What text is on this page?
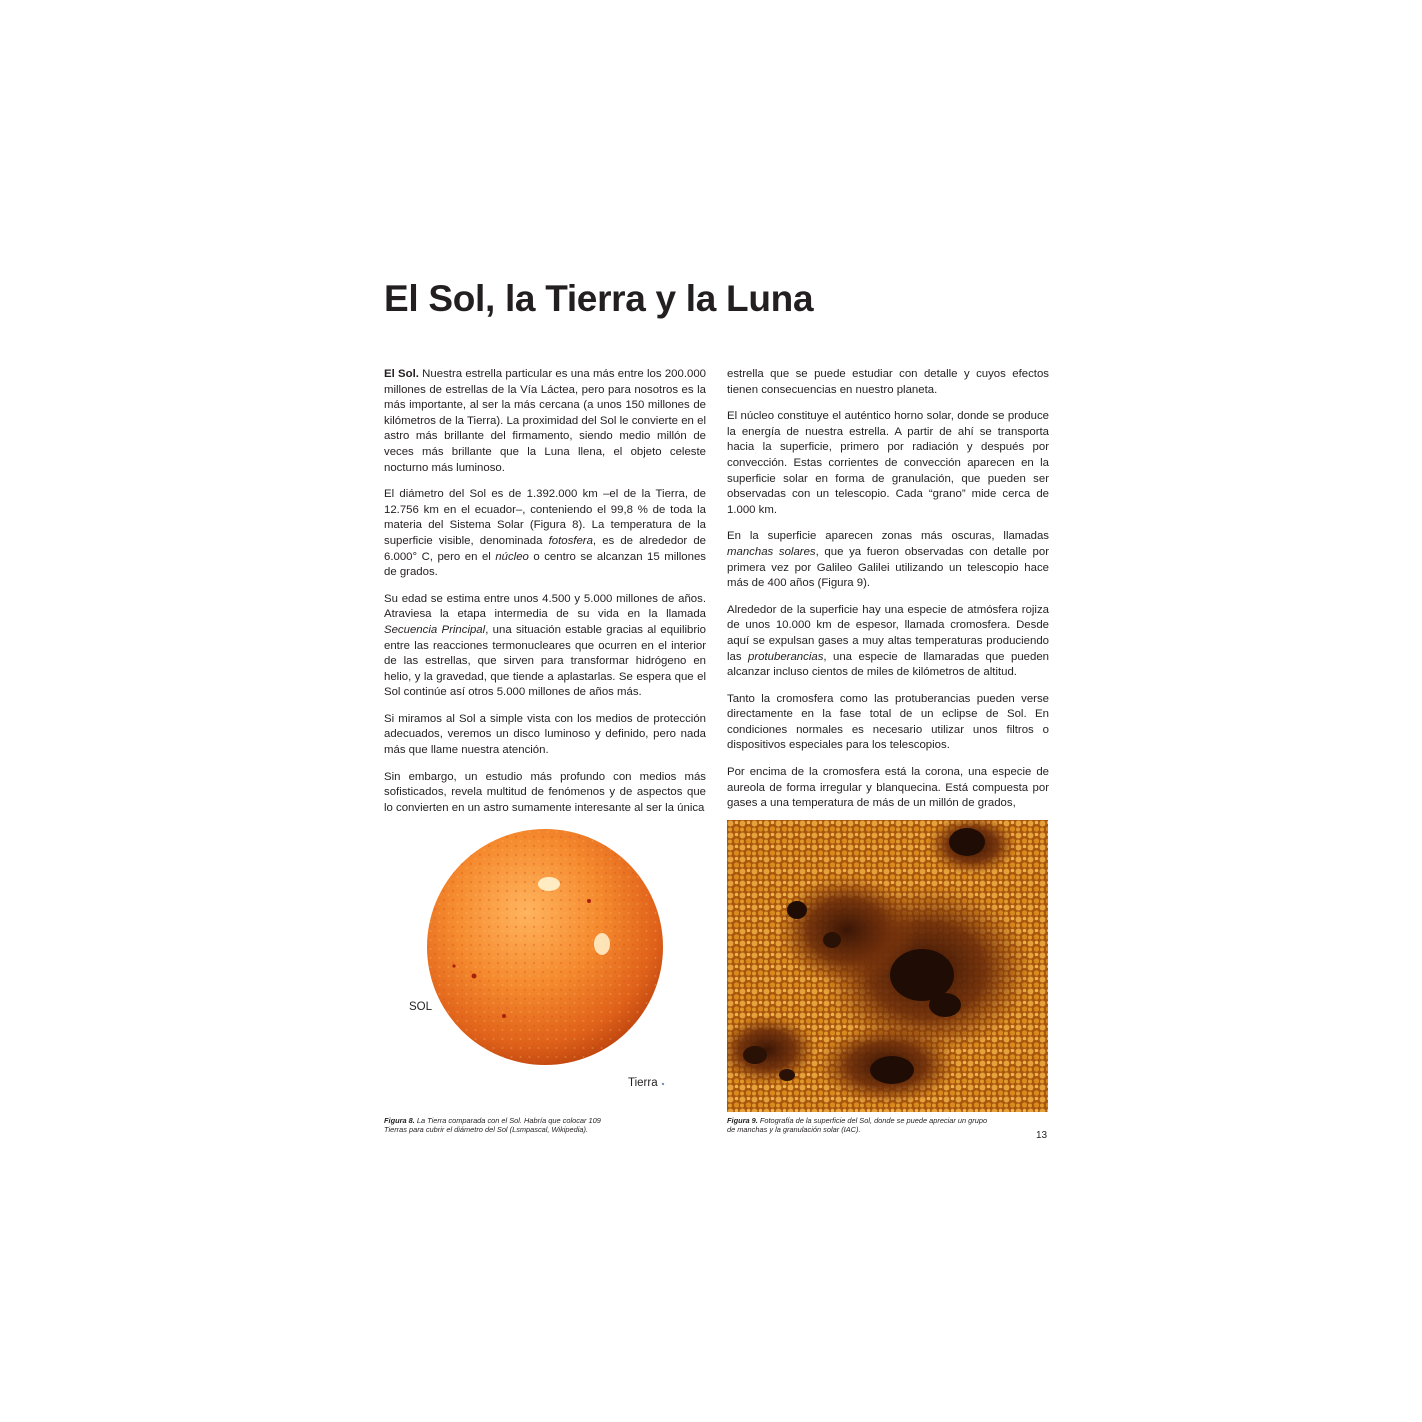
El Sol, la Tierra y la Luna

El Sol. Nuestra estrella particular es una más entre los 200.000 millones de estrellas de la Vía Láctea, pero para nosotros es la más importante, al ser la más cercana (a unos 150 millones de kilómetros de la Tierra). La proximidad del Sol le convierte en el astro más brillante del firmamento, siendo medio millón de veces más brillante que la Luna llena, el objeto celeste nocturno más luminoso.

El diámetro del Sol es de 1.392.000 km –el de la Tierra, de 12.756 km en el ecuador–, conteniendo el 99,8 % de toda la materia del Sistema Solar (Figura 8). La temperatura de la superficie visible, denominada fotosfera, es de alrededor de 6.000° C, pero en el núcleo o centro se alcanzan 15 millones de grados.

Su edad se estima entre unos 4.500 y 5.000 millones de años. Atraviesa la etapa intermedia de su vida en la llamada Secuencia Principal, una situación estable gracias al equilibrio entre las reacciones termonucleares que ocurren en el interior de las estrellas, que sirven para transformar hidrógeno en helio, y la gravedad, que tiende a aplastarlas. Se espera que el Sol continúe así otros 5.000 millones de años más.

Si miramos al Sol a simple vista con los medios de protección adecuados, veremos un disco luminoso y definido, pero nada más que llame nuestra atención.

Sin embargo, un estudio más profundo con medios más sofisticados, revela multitud de fenómenos y de aspectos que lo convierten en un astro sumamente interesante al ser la única

estrella que se puede estudiar con detalle y cuyos efectos tienen consecuencias en nuestro planeta.

El núcleo constituye el auténtico horno solar, donde se produce la energía de nuestra estrella. A partir de ahí se transporta hacia la superficie, primero por radiación y después por convección. Estas corrientes de convección aparecen en la superficie solar en forma de granulación, que pueden ser observadas con un telescopio. Cada “grano” mide cerca de 1.000 km.

En la superficie aparecen zonas más oscuras, llamadas manchas solares, que ya fueron observadas con detalle por primera vez por Galileo Galilei utilizando un telescopio hace más de 400 años (Figura 9).

Alrededor de la superficie hay una especie de atmósfera rojiza de unos 10.000 km de espesor, llamada cromosfera. Desde aquí se expulsan gases a muy altas temperaturas produciendo las protuberancias, una especie de llamaradas que pueden alcanzar incluso cientos de miles de kilómetros de altitud.

Tanto la cromosfera como las protuberancias pueden verse directamente en la fase total de un eclipse de Sol. En condiciones normales es necesario utilizar unos filtros o dispositivos especiales para los telescopios.

Por encima de la cromosfera está la corona, una especie de aureola de forma irregular y blanquecina. Está compuesta por gases a una temperatura de más de un millón de grados,

SOL
Tierra
Figura 8. La Tierra comparada con el Sol. Habría que colocar 109
Tierras para cubrir el diámetro del Sol (Lsmpascal, Wikipedia).
Figura 9. Fotografía de la superficie del Sol, donde se puede apreciar un grupo
de manchas y la granulación solar (IAC).
13
